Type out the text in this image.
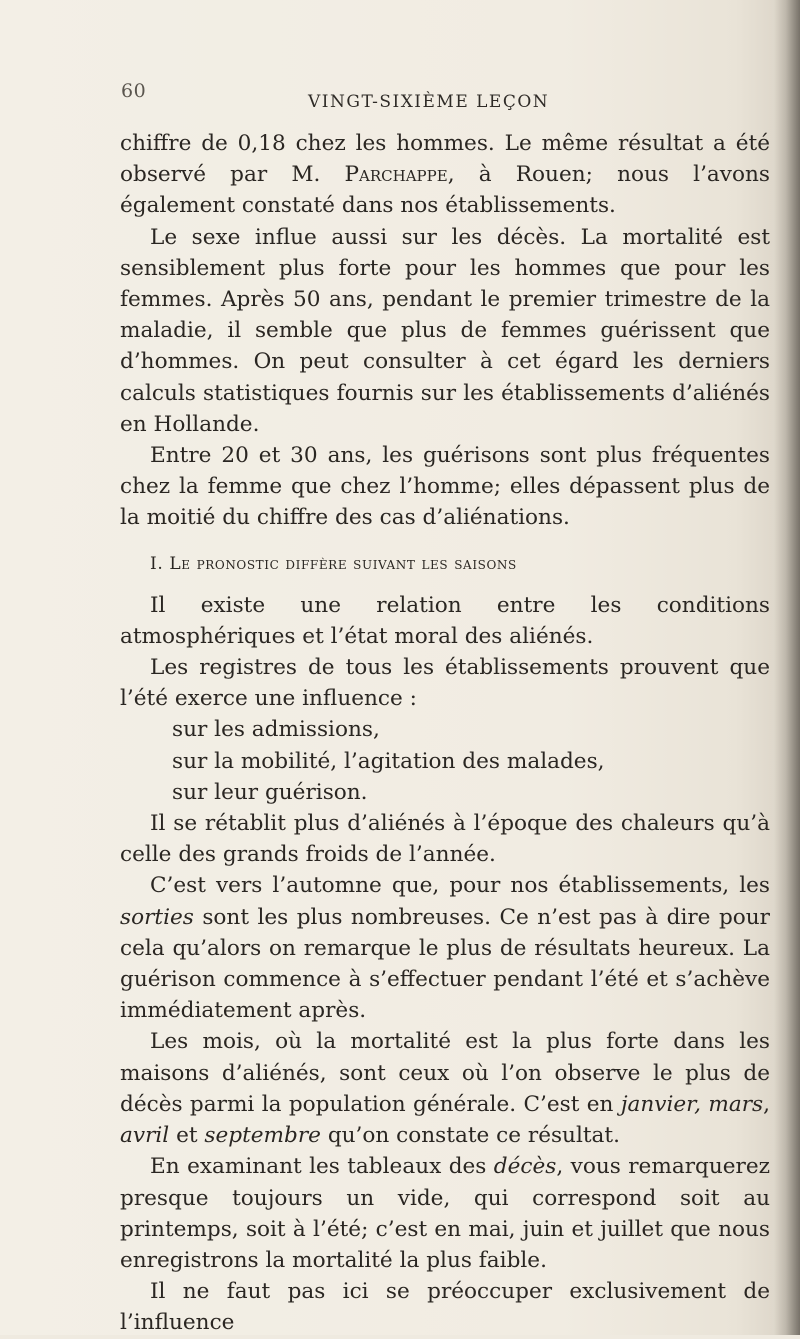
60	VINGT-SIXIÈME LEÇON

chiffre de 0,18 chez les hommes. Le même résultat a été observé par M. Parchappe, à Rouen; nous l’avons également constaté dans nos établissements.

Le sexe influe aussi sur les décès. La mortalité est sensiblement plus forte pour les hommes que pour les femmes. Après 50 ans, pendant le premier trimestre de la maladie, il semble que plus de femmes guérissent que d’hommes. On peut consulter à cet égard les derniers calculs statistiques fournis sur les établissements d’aliénés en Hollande.

Entre 20 et 30 ans, les guérisons sont plus fréquentes chez la femme que chez l’homme; elles dépassent plus de la moitié du chiffre des cas d’aliénations.

I. Le pronostic diffère suivant les saisons

Il existe une relation entre les conditions atmosphériques et l’état moral des aliénés.

Les registres de tous les établissements prouvent que l’été exerce une influence :

sur les admissions,
sur la mobilité, l’agitation des malades,
sur leur guérison.

Il se rétablit plus d’aliénés à l’époque des chaleurs qu’à celle des grands froids de l’année.

C’est vers l’automne que, pour nos établissements, les sorties sont les plus nombreuses. Ce n’est pas à dire pour cela qu’alors on remarque le plus de résultats heureux. La guérison commence à s’effectuer pendant l’été et s’achève immédiatement après.

Les mois, où la mortalité est la plus forte dans les maisons d’aliénés, sont ceux où l’on observe le plus de décès parmi la population générale. C’est en janvier, mars, avril et septembre qu’on constate ce résultat.

En examinant les tableaux des décès, vous remarquerez presque toujours un vide, qui correspond soit au printemps, soit à l’été; c’est en mai, juin et juillet que nous enregistrons la mortalité la plus faible.

Il ne faut pas ici se préoccuper exclusivement de l’influence
